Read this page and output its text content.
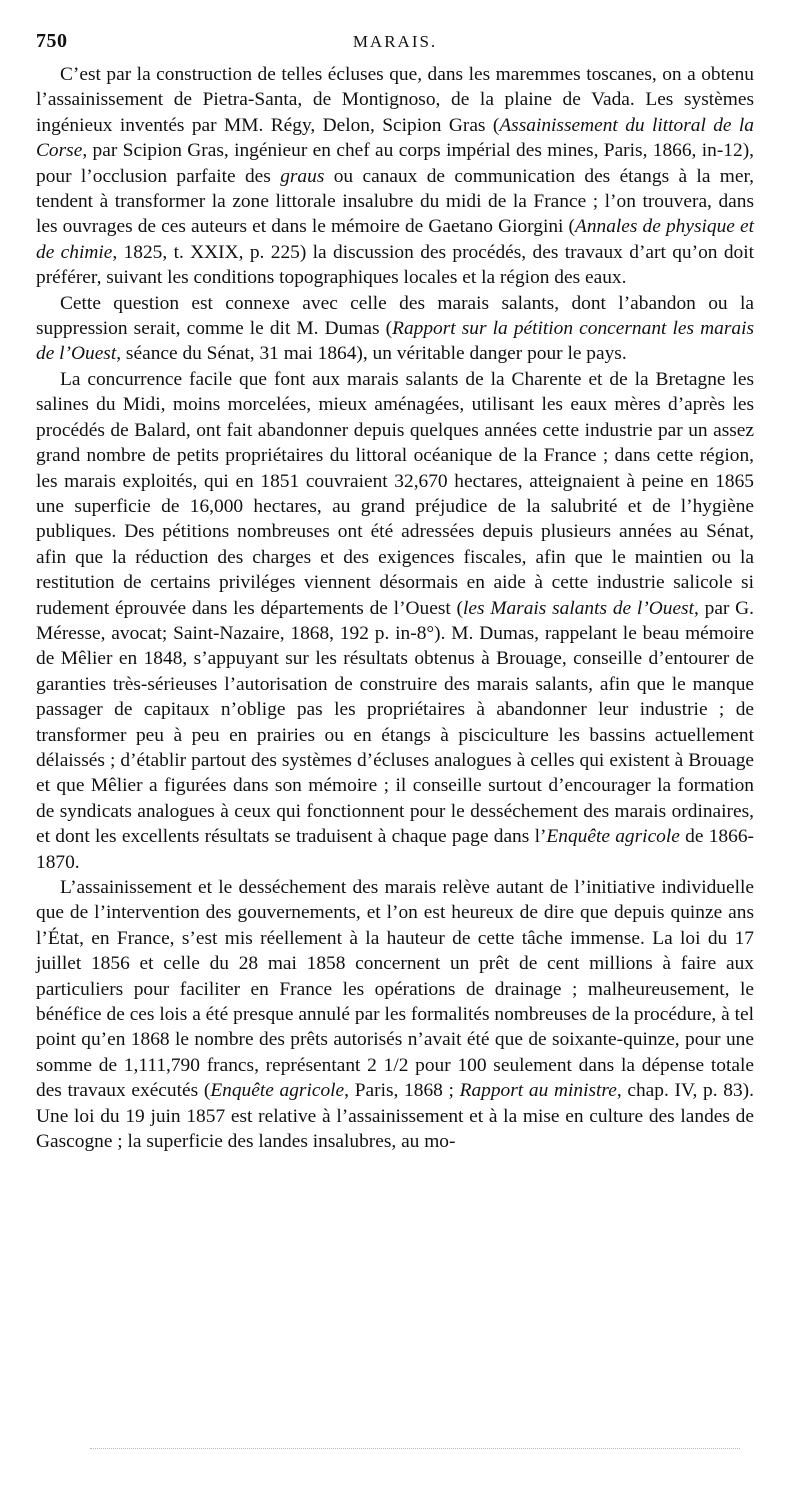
750	MARAIS.

C’est par la construction de telles écluses que, dans les maremmes toscanes, on a obtenu l’assainissement de Pietra-Santa, de Montignoso, de la plaine de Vada. Les systèmes ingénieux inventés par MM. Régy, Delon, Scipion Gras (Assainissement du littoral de la Corse, par Scipion Gras, ingénieur en chef au corps impérial des mines, Paris, 1866, in-12), pour l’occlusion parfaite des graus ou canaux de communication des étangs à la mer, tendent à transformer la zone littorale insalubre du midi de la France ; l’on trouvera, dans les ouvrages de ces auteurs et dans le mémoire de Gaetano Giorgini (Annales de physique et de chimie, 1825, t. XXIX, p. 225) la discussion des procédés, des travaux d’art qu’on doit préférer, suivant les conditions topographiques locales et la région des eaux.

Cette question est connexe avec celle des marais salants, dont l’abandon ou la suppression serait, comme le dit M. Dumas (Rapport sur la pétition concernant les marais de l’Ouest, séance du Sénat, 31 mai 1864), un véritable danger pour le pays.

La concurrence facile que font aux marais salants de la Charente et de la Bretagne les salines du Midi, moins morcelées, mieux aménagées, utilisant les eaux mères d’après les procédés de Balard, ont fait abandonner depuis quelques années cette industrie par un assez grand nombre de petits propriétaires du littoral océanique de la France ; dans cette région, les marais exploités, qui en 1851 couvraient 32,670 hectares, atteignaient à peine en 1865 une superficie de 16,000 hectares, au grand préjudice de la salubrité et de l’hygiène publiques. Des pétitions nombreuses ont été adressées depuis plusieurs années au Sénat, afin que la réduction des charges et des exigences fiscales, afin que le maintien ou la restitution de certains priviléges viennent désormais en aide à cette industrie salicole si rudement éprouvée dans les départements de l’Ouest (les Marais salants de l’Ouest, par G. Méresse, avocat; Saint-Nazaire, 1868, 192 p. in-8°). M. Dumas, rappelant le beau mémoire de Mêlier en 1848, s’appuyant sur les résultats obtenus à Brouage, conseille d’entourer de garanties très-sérieuses l’autorisation de construire des marais salants, afin que le manque passager de capitaux n’oblige pas les propriétaires à abandonner leur industrie ; de transformer peu à peu en prairies ou en étangs à pisciculture les bassins actuellement délaissés ; d’établir partout des systèmes d’écluses analogues à celles qui existent à Brouage et que Mêlier a figurées dans son mémoire ; il conseille surtout d’encourager la formation de syndicats analogues à ceux qui fonctionnent pour le desséchement des marais ordinaires, et dont les excellents résultats se traduisent à chaque page dans l’Enquête agricole de 1866-1870.

L’assainissement et le desséchement des marais relève autant de l’initiative individuelle que de l’intervention des gouvernements, et l’on est heureux de dire que depuis quinze ans l’État, en France, s’est mis réellement à la hauteur de cette tâche immense. La loi du 17 juillet 1856 et celle du 28 mai 1858 concernent un prêt de cent millions à faire aux particuliers pour faciliter en France les opérations de drainage ; malheureusement, le bénéfice de ces lois a été presque annulé par les formalités nombreuses de la procédure, à tel point qu’en 1868 le nombre des prêts autorisés n’avait été que de soixante-quinze, pour une somme de 1,111,790 francs, représentant 2 1/2 pour 100 seulement dans la dépense totale des travaux exécutés (Enquête agricole, Paris, 1868 ; Rapport au ministre, chap. IV, p. 83). Une loi du 19 juin 1857 est relative à l’assainissement et à la mise en culture des landes de Gascogne ; la superficie des landes insalubres, au mo-
